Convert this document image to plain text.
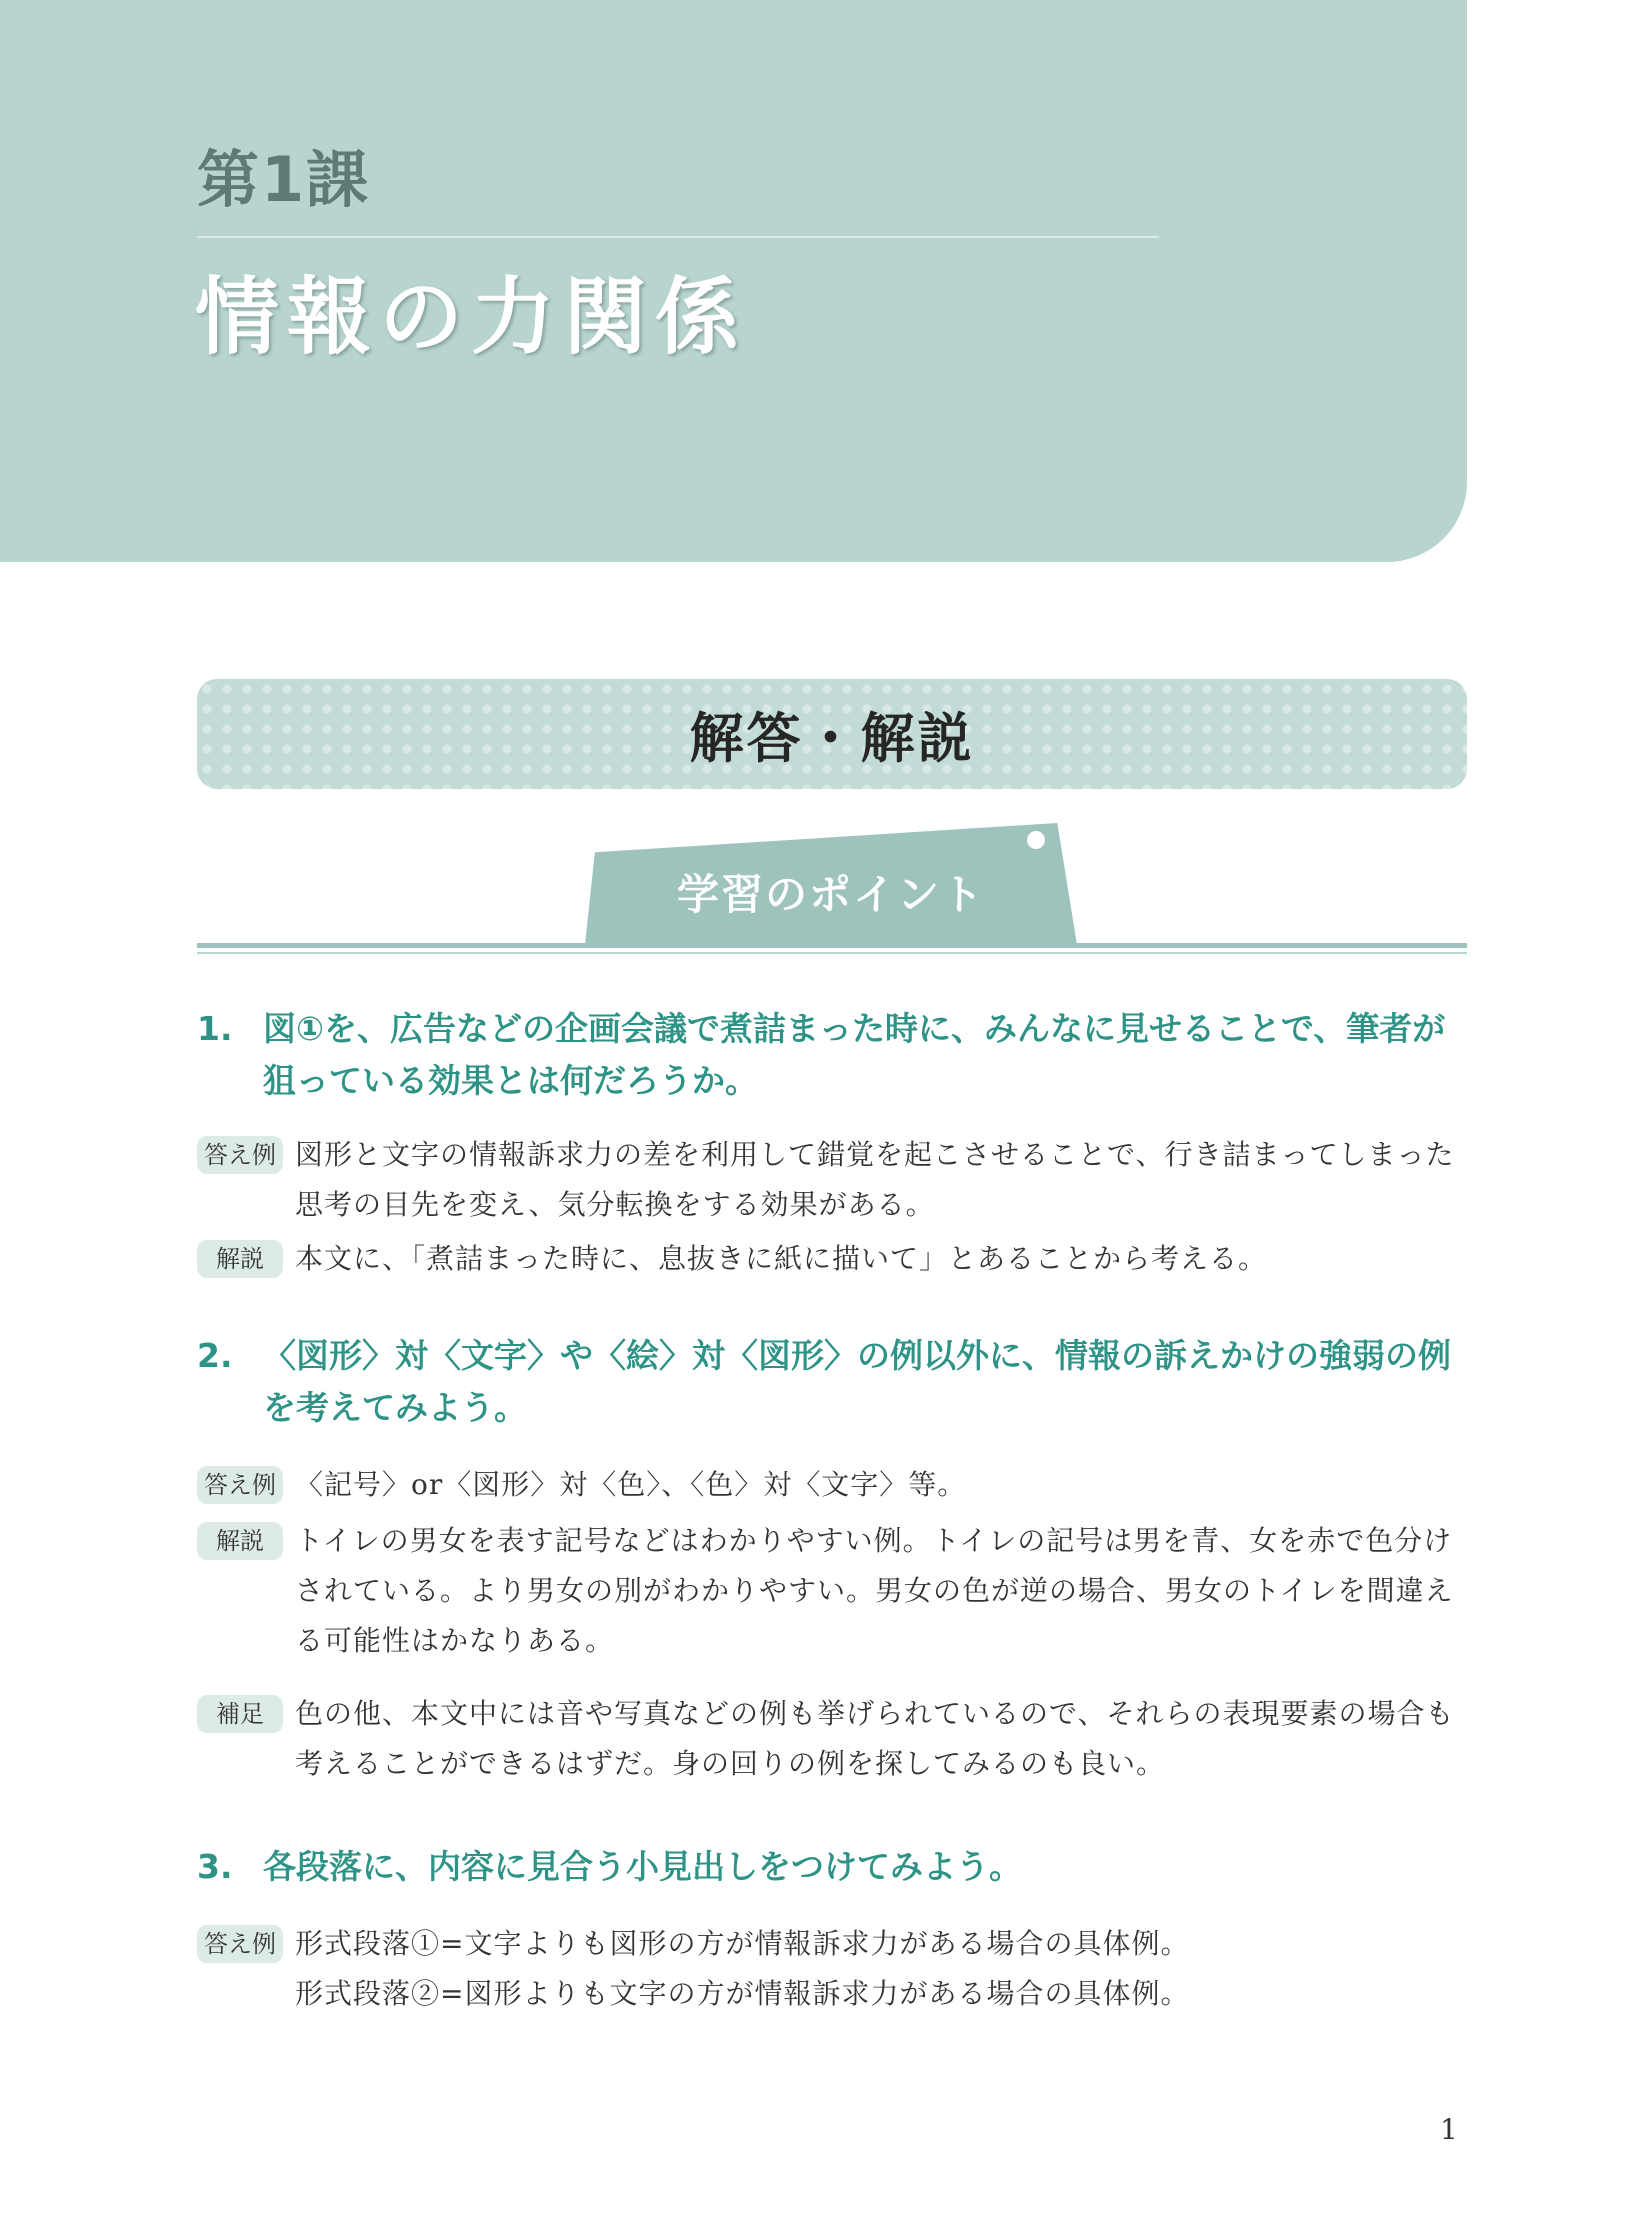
第1課
情報の力関係
解答・解説
学習のポイント
1. 図①を、広告などの企画会議で煮詰まった時に、みんなに見せることで、筆者が狙っている効果とは何だろうか。
答え例 図形と文字の情報訴求力の差を利用して錯覚を起こさせることで、行き詰まってしまった思考の目先を変え、気分転換をする効果がある。
解説	本文に、「煮詰まった時に、息抜きに紙に描いて」とあることから考える。
2. 〈図形〉対〈文字〉や〈絵〉対〈図形〉の例以外に、情報の訴えかけの強弱の例を考えてみよう。
答え例 〈記号〉or〈図形〉対〈色〉、〈色〉対〈文字〉等。
解説	トイレの男女を表す記号などはわかりやすい例。トイレの記号は男を青、女を赤で色分けされている。より男女の別がわかりやすい。男女の色が逆の場合、男女のトイレを間違える可能性はかなりある。
補足	色の他、本文中には音や写真などの例も挙げられているので、それらの表現要素の場合も考えることができるはずだ。身の回りの例を探してみるのも良い。
3. 各段落に、内容に見合う小見出しをつけてみよう。
答え例 形式段落①=文字よりも図形の方が情報訴求力がある場合の具体例。
形式段落②=図形よりも文字の方が情報訴求力がある場合の具体例。
1
